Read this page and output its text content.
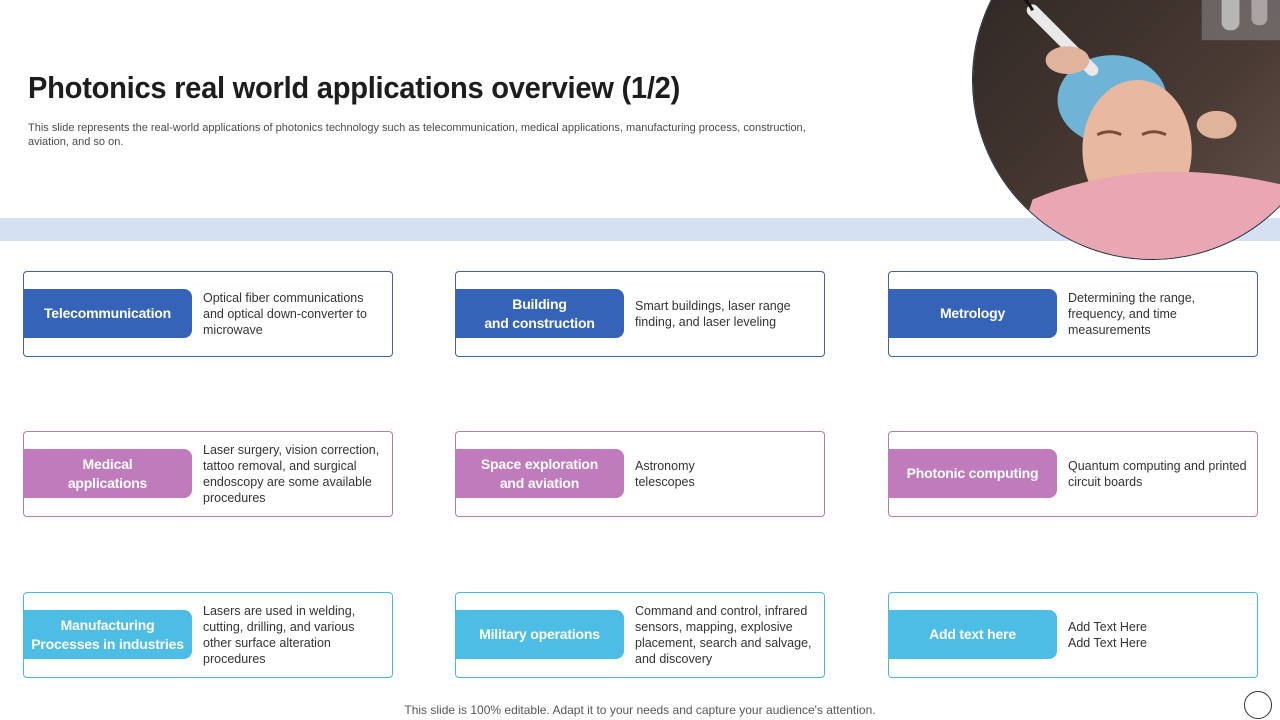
Photonics real world applications overview (1/2)

This slide represents the real-world applications of photonics technology such as telecommunication, medical applications, manufacturing process, construction, aviation, and so on.

Telecommunication
Optical fiber communications and optical down-converter to microwave
Building
and construction
Smart buildings, laser range finding, and laser leveling
Metrology
Determining the range, frequency, and time measurements
Medical
applications
Laser surgery, vision correction, tattoo removal, and surgical endoscopy are some available procedures
Space exploration
and aviation
Astronomy
telescopes
Photonic computing	Quantum computing and printed circuit boards
Manufacturing
Processes in industries
Lasers are used in welding, cutting, drilling, and various other surface alteration procedures
Military operations
Command and control, infrared sensors, mapping, explosive placement, search and salvage, and discovery
Add text here	Add Text Here
Add Text Here
This slide is 100% editable. Adapt it to your needs and capture your audience's attention.
